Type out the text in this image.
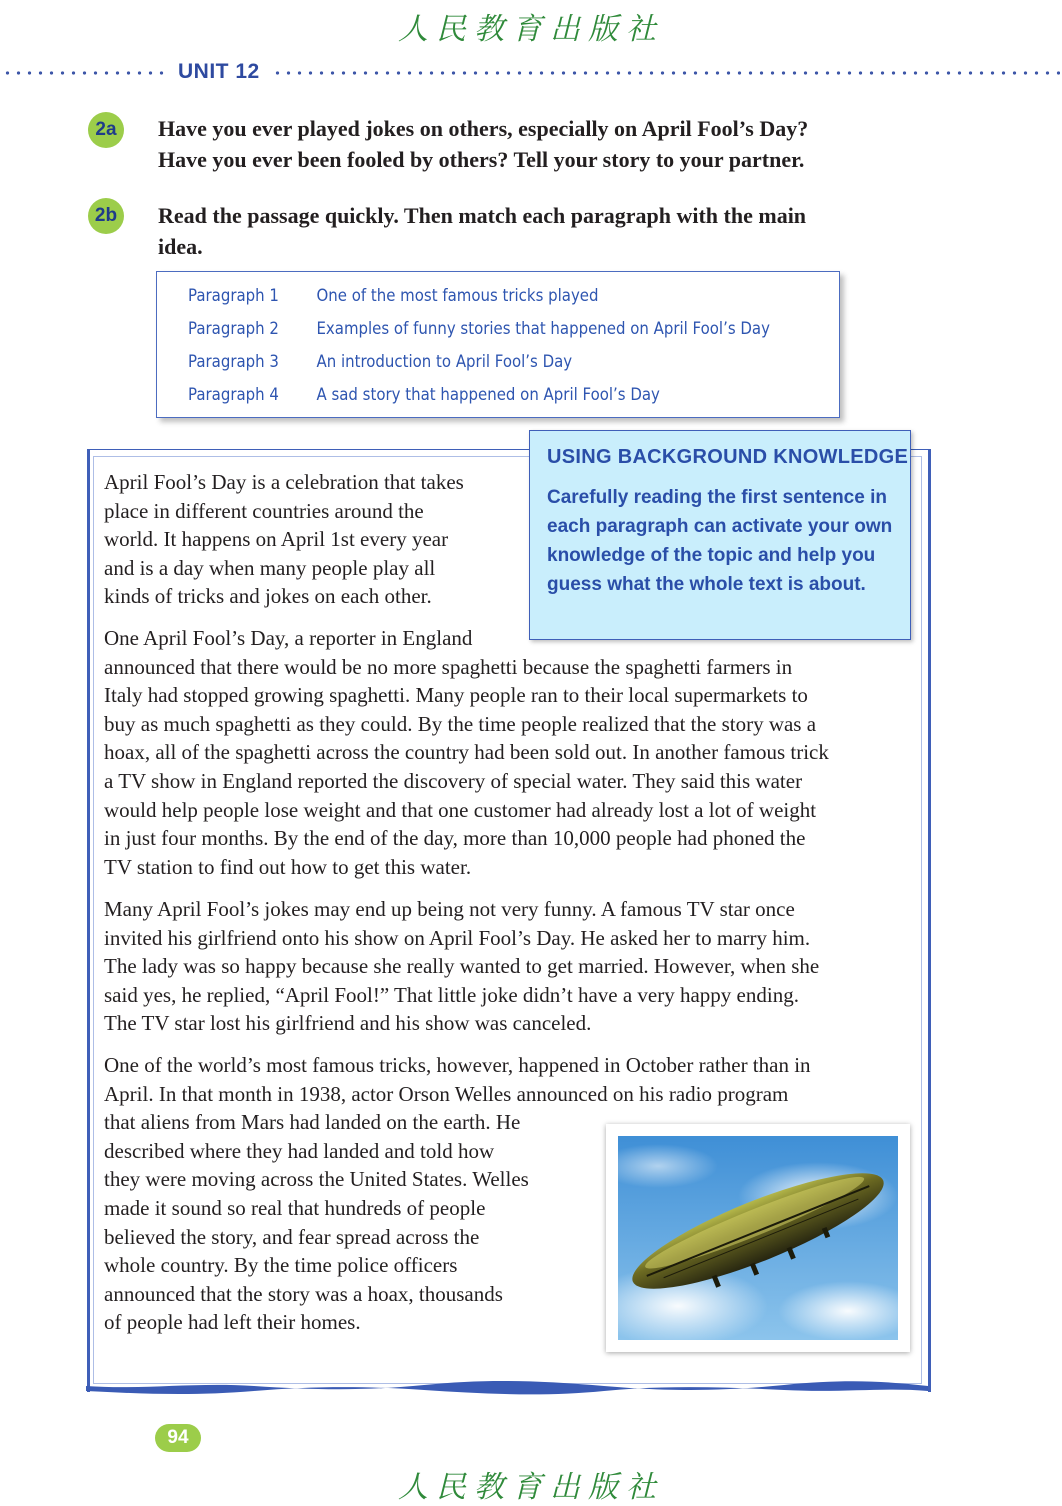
人民教育出版社
UNIT 12
2a	Have you ever played jokes on others, especially on April Fool’s Day?
Have you ever been fooled by others? Tell your story to your partner.
2b	Read the passage quickly. Then match each paragraph with the main
idea.
Paragraph 1 One of the most famous tricks played
Paragraph 2 Examples of funny stories that happened on April Fool’s Day
Paragraph 3 An introduction to April Fool’s Day
Paragraph 4 A sad story that happened on April Fool’s Day
USING BACKGROUND KNOWLEDGE
Carefully reading the first sentence in each paragraph can activate your own knowledge of the topic and help you guess what the whole text is about.
April Fool’s Day is a celebration that takes
place in different countries around the
world. It happens on April 1st every year
and is a day when many people play all
kinds of tricks and jokes on each other.
One April Fool’s Day, a reporter in England
announced that there would be no more spaghetti because the spaghetti farmers in
Italy had stopped growing spaghetti. Many people ran to their local supermarkets to
buy as much spaghetti as they could. By the time people realized that the story was a
hoax, all of the spaghetti across the country had been sold out. In another famous trick
a TV show in England reported the discovery of special water. They said this water
would help people lose weight and that one customer had already lost a lot of weight
in just four months. By the end of the day, more than 10,000 people had phoned the
TV station to find out how to get this water.
Many April Fool’s jokes may end up being not very funny. A famous TV star once
invited his girlfriend onto his show on April Fool’s Day. He asked her to marry him.
The lady was so happy because she really wanted to get married. However, when she
said yes, he replied, “April Fool!” That little joke didn’t have a very happy ending.
The TV star lost his girlfriend and his show was canceled.
One of the world’s most famous tricks, however, happened in October rather than in
April. In that month in 1938, actor Orson Welles announced on his radio program
that aliens from Mars had landed on the earth. He
described where they had landed and told how
they were moving across the United States. Welles
made it sound so real that hundreds of people
believed the story, and fear spread across the
whole country. By the time police officers
announced that the story was a hoax, thousands
of people had left their homes.
94
人民教育出版社
